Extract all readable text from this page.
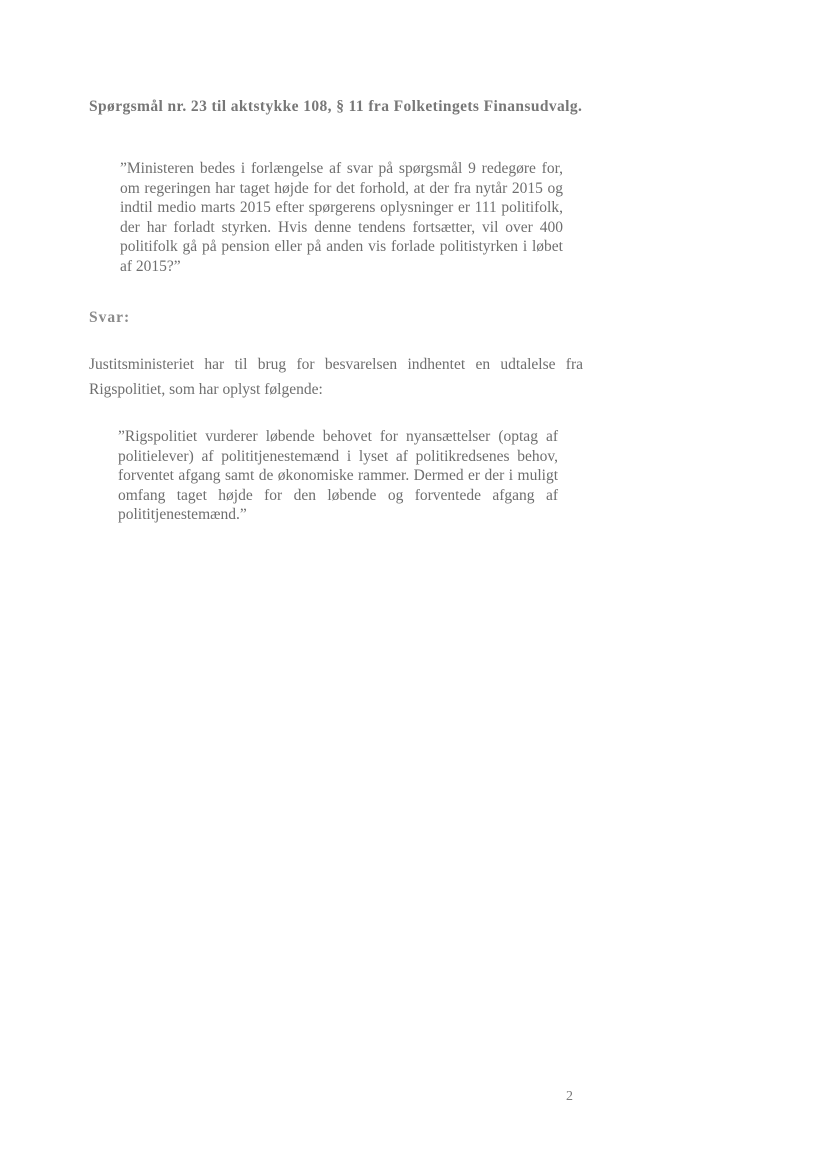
Spørgsmål nr. 23 til aktstykke 108, § 11 fra Folketingets Finansudvalg.
”Ministeren bedes i forlængelse af svar på spørgsmål 9 redegøre for, om regeringen har taget højde for det forhold, at der fra nytår 2015 og indtil medio marts 2015 efter spørgerens oplysninger er 111 politifolk, der har forladt styrken. Hvis denne tendens fortsætter, vil over 400 politifolk gå på pension eller på anden vis forlade politistyrken i løbet af 2015?”
Svar:
Justitsministeriet har til brug for besvarelsen indhentet en udtalelse fra Rigspolitiet, som har oplyst følgende:
”Rigspolitiet vurderer løbende behovet for nyansættelser (optag af politielever) af polititjenestemænd i lyset af politikredsenes behov, forventet afgang samt de økonomiske rammer. Dermed er der i muligt omfang taget højde for den løbende og forventede afgang af polititjenestemænd.”
2
